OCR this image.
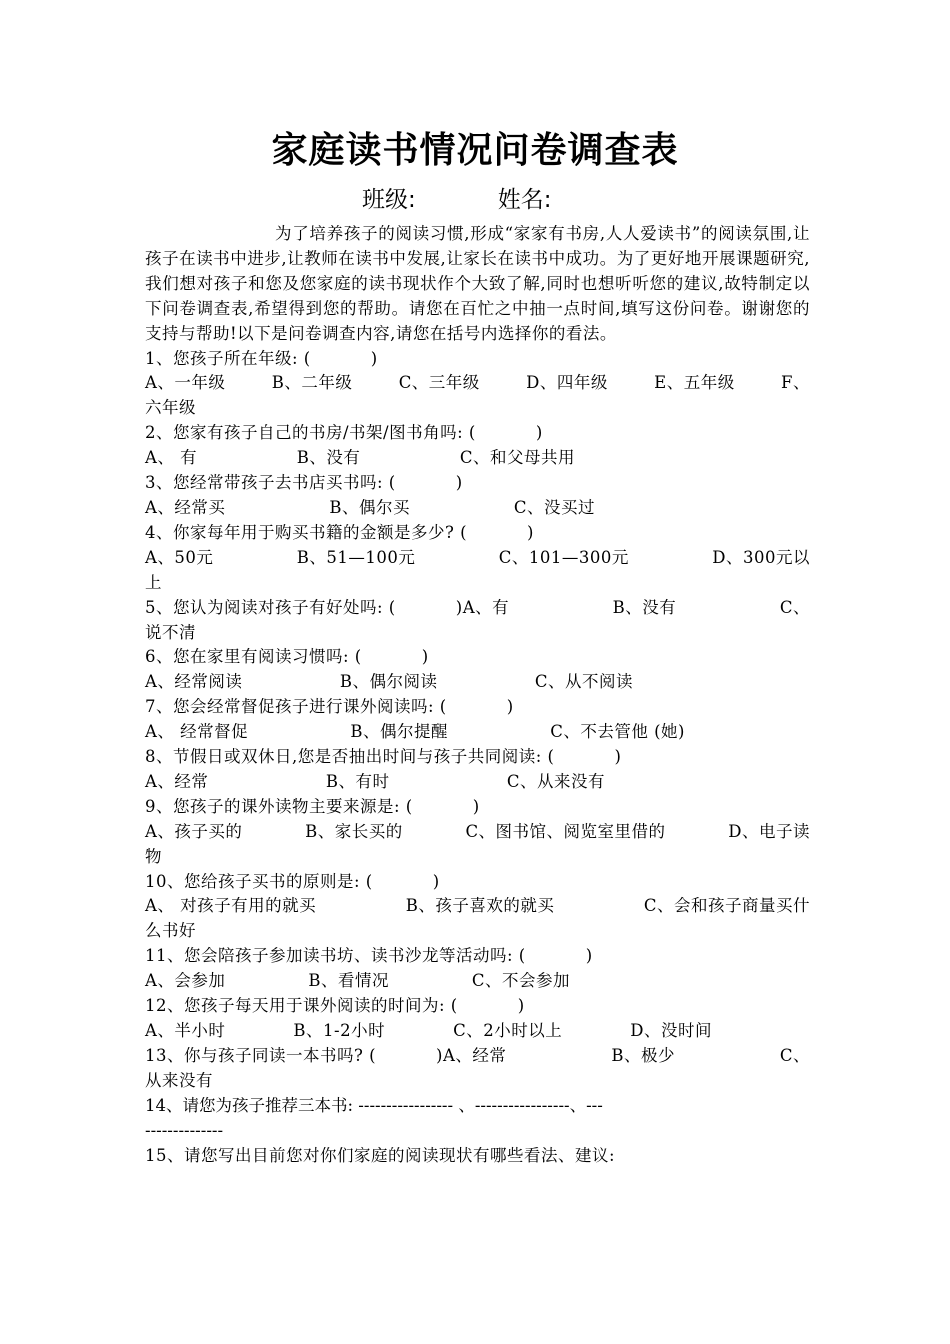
家庭读书情况问卷调查表
班级:	姓名:

为了培养孩子的阅读习惯,形成“家家有书房,人人爱读书”的阅读氛围,让孩子在读书中进步,让教师在读书中发展,让家长在读书中成功。为了更好地开展课题研究,我们想对孩子和您及您家庭的读书现状作个大致了解,同时也想听听您的建议,故特制定以下问卷调查表,希望得到您的帮助。请您在百忙之中抽一点时间,填写这份问卷。谢谢您的支持与帮助!以下是问卷调查内容,请您在括号内选择你的看法。

1、您孩子所在年级: (	)

A、一年级	B、二年级	C、三年级	D、四年级	E、五年级	F、

六年级

2、您家有孩子自己的书房/书架/图书角吗: (	)

A、 有	B、没有	C、和父母共用

3、您经常带孩子去书店买书吗: (	)

A、经常买	B、偶尔买	C、没买过

4、你家每年用于购买书籍的金额是多少? (	)

A、50元	B、51—100元	C、101—300元	D、300元以

上

5、您认为阅读对孩子有好处吗: (	)A、有	B、没有	C、

说不清

6、您在家里有阅读习惯吗: (	)

A、经常阅读	B、偶尔阅读	C、从不阅读

7、您会经常督促孩子进行课外阅读吗: (	)

A、 经常督促	B、偶尔提醒	C、不去管他 (她)

8、节假日或双休日,您是否抽出时间与孩子共同阅读: (	)

A、经常	B、有时	C、从来没有

9、您孩子的课外读物主要来源是: (	)

A、孩子买的	B、家长买的	C、图书馆、阅览室里借的	D、电子读

物

10、您给孩子买书的原则是: (	)

A、 对孩子有用的就买	B、孩子喜欢的就买	C、会和孩子商量买什

么书好

11、您会陪孩子参加读书坊、读书沙龙等活动吗: (	)

A、会参加	B、看情况	C、不会参加

12、您孩子每天用于课外阅读的时间为: (	)

A、半小时	B、1-2小时	C、2小时以上	D、没时间
13、你与孩子同读一本书吗? (	)A、经常	B、极少	C、

从来没有

14、请您为孩子推荐三本书: ----------------- 、-----------------、---

--------------

15、请您写出目前您对你们家庭的阅读现状有哪些看法、建议:
